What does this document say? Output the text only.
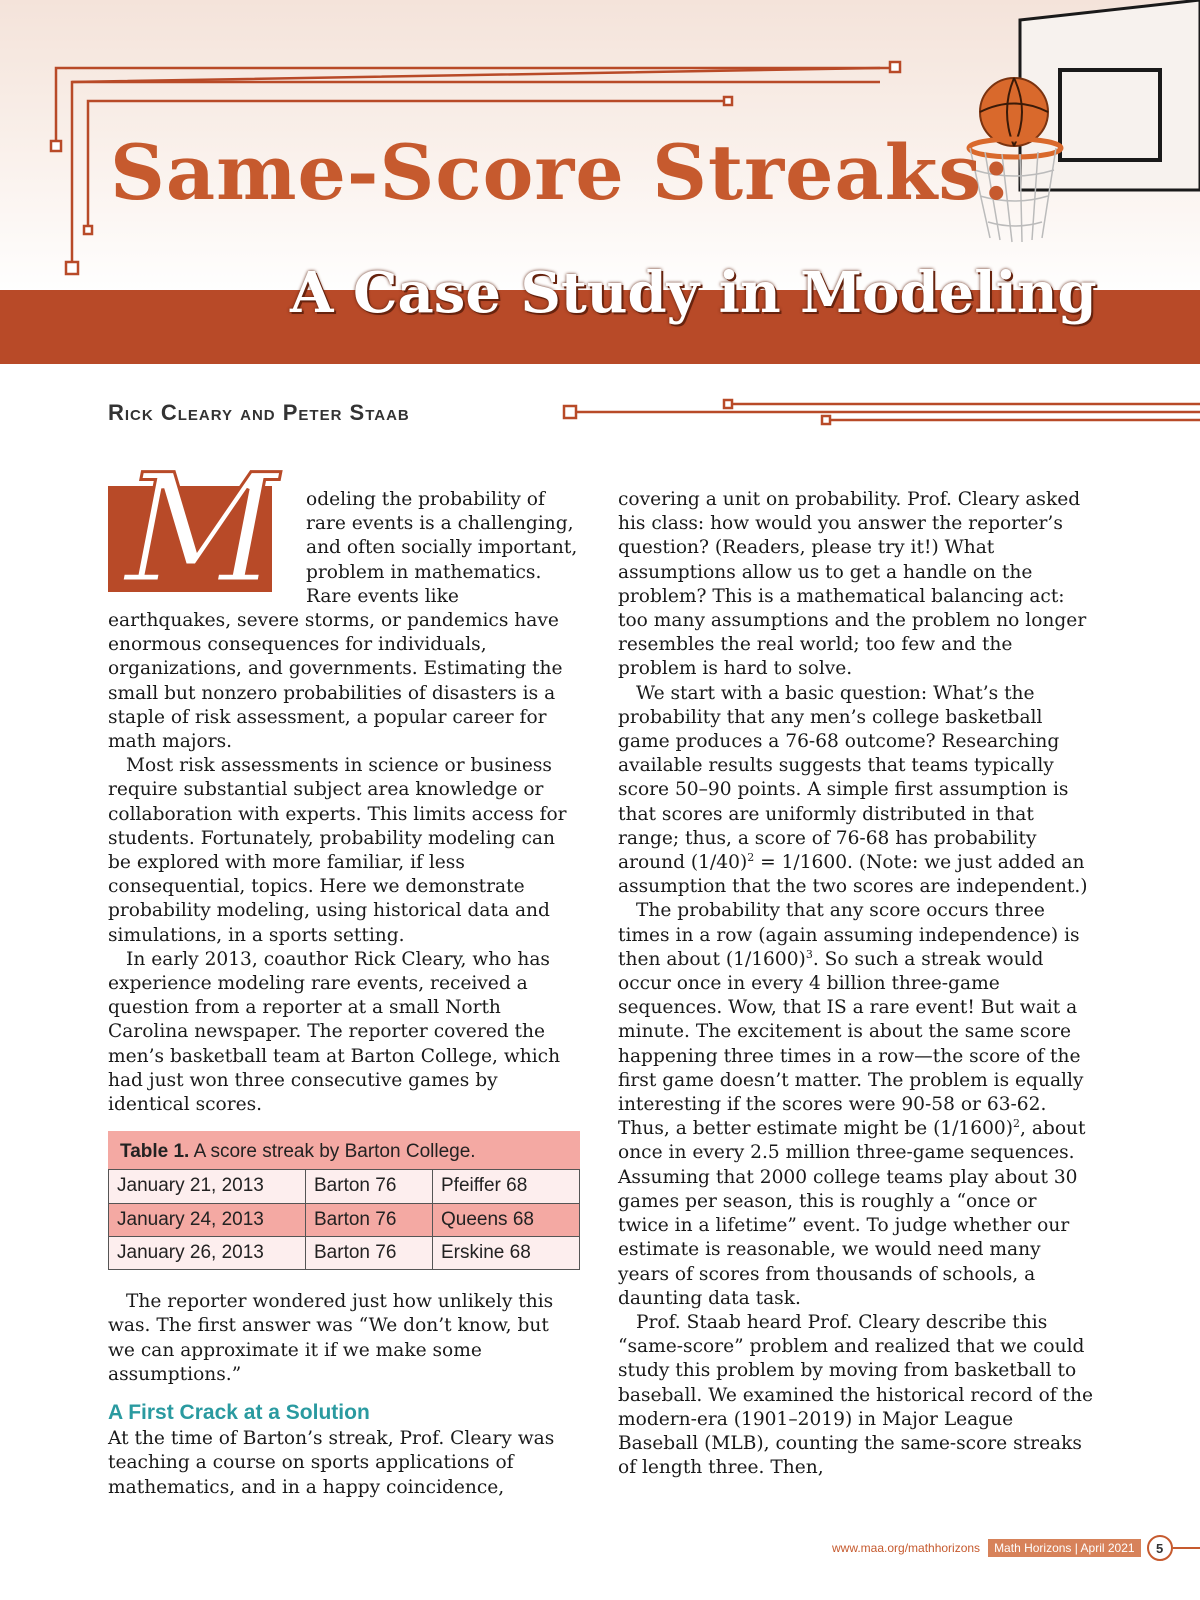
Same-Score Streaks:
A Case Study in Modeling
Rick Cleary and Peter Staab
M	odeling the probability of rare events is a challenging, and often socially important, problem in mathematics. Rare events like earthquakes, severe storms, or pandemics have enormous consequences for individuals, organizations, and governments. Estimating the small but nonzero probabilities of disasters is a staple of risk assessment, a popular career for math majors.

Most risk assessments in science or business require substantial subject area knowledge or collaboration with experts. This limits access for students. Fortunately, probability modeling can be explored with more familiar, if less consequential, topics. Here we demonstrate probability modeling, using historical data and simulations, in a sports setting.

In early 2013, coauthor Rick Cleary, who has experience modeling rare events, received a question from a reporter at a small North Carolina newspaper. The reporter covered the men’s basketball team at Barton College, which had just won three consecutive games by identical scores.

Table 1. A score streak by Barton College.
January 21, 2013	Barton 76	Pfeiffer 68
January 24, 2013	Barton 76	Queens 68
January 26, 2013	Barton 76	Erskine 68

The reporter wondered just how unlikely this was. The first answer was “We don’t know, but we can approximate it if we make some assumptions.”

A First Crack at a Solution

At the time of Barton’s streak, Prof. Cleary was teaching a course on sports applications of mathematics, and in a happy coincidence,

covering a unit on probability. Prof. Cleary asked his class: how would you answer the reporter’s question? (Readers, please try it!) What assumptions allow us to get a handle on the problem? This is a mathematical balancing act: too many assumptions and the problem no longer resembles the real world; too few and the problem is hard to solve.

We start with a basic question: What’s the probability that any men’s college basketball game produces a 76-68 outcome? Researching available results suggests that teams typically score 50–90 points. A simple first assumption is that scores are uniformly distributed in that range; thus, a score of 76-68 has probability around $(1/40)^2 = 1/1600$. (Note: we just added an assumption that the two scores are independent.)

The probability that any score occurs three times in a row (again assuming independence) is then about $(1/1600)^3$. So such a streak would occur once in every 4 billion three-game sequences. Wow, that IS a rare event! But wait a minute. The excitement is about the same score happening three times in a row—the score of the first game doesn’t matter. The problem is equally interesting if the scores were 90-58 or 63-62. Thus, a better estimate might be $(1/1600)^2$, about once in every 2.5 million three-game sequences. Assuming that 2000 college teams play about 30 games per season, this is roughly a “once or twice in a lifetime” event. To judge whether our estimate is reasonable, we would need many years of scores from thousands of schools, a daunting data task.

Prof. Staab heard Prof. Cleary describe this “same-score” problem and realized that we could study this problem by moving from basketball to baseball. We examined the historical record of the modern-era (1901–2019) in Major League Baseball (MLB), counting the same-score streaks of length three. Then,

www.maa.org/mathhorizons	Math Horizons | April 2021	5
